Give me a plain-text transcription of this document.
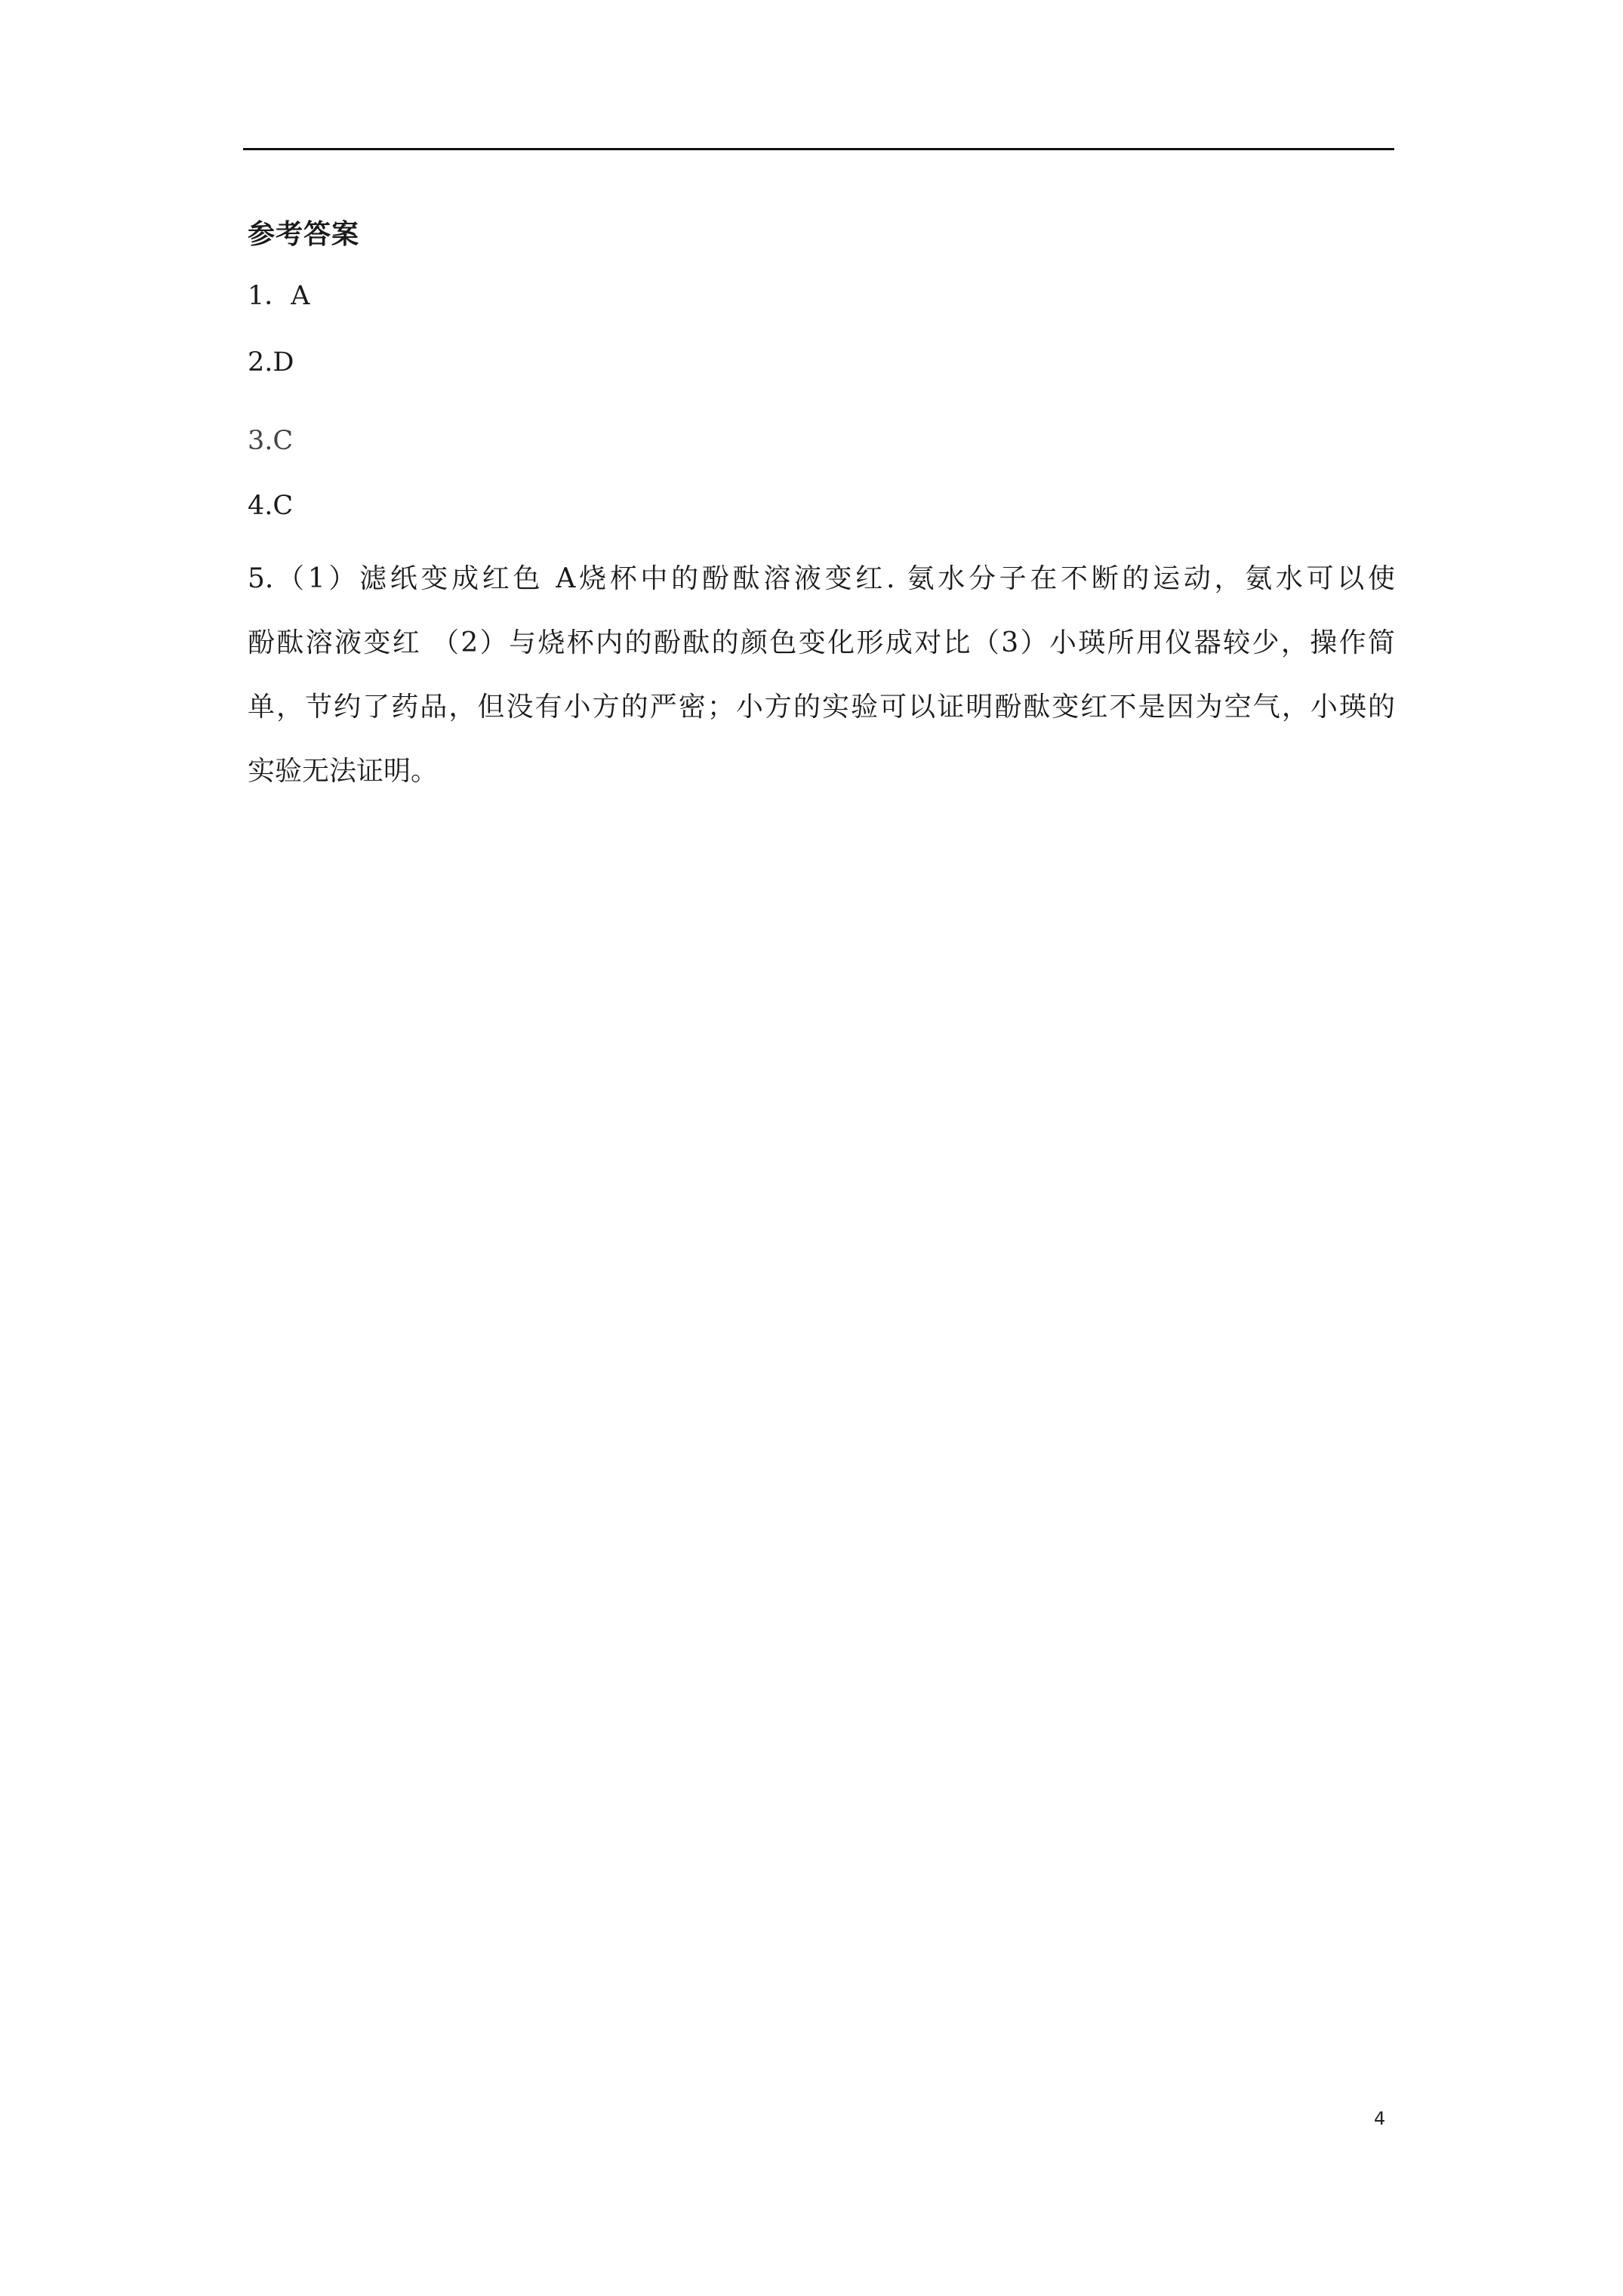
参考答案
1．A
2.D
3.C
4.C
5.（1）滤纸变成红色 A烧杯中的酚酞溶液变红. 氨水分子在不断的运动，氨水可以使
酚酞溶液变红 （2）与烧杯内的酚酞的颜色变化形成对比（3）小瑛所用仪器较少，操作简
单，节约了药品，但没有小方的严密；小方的实验可以证明酚酞变红不是因为空气，小瑛的
实验无法证明。
4
